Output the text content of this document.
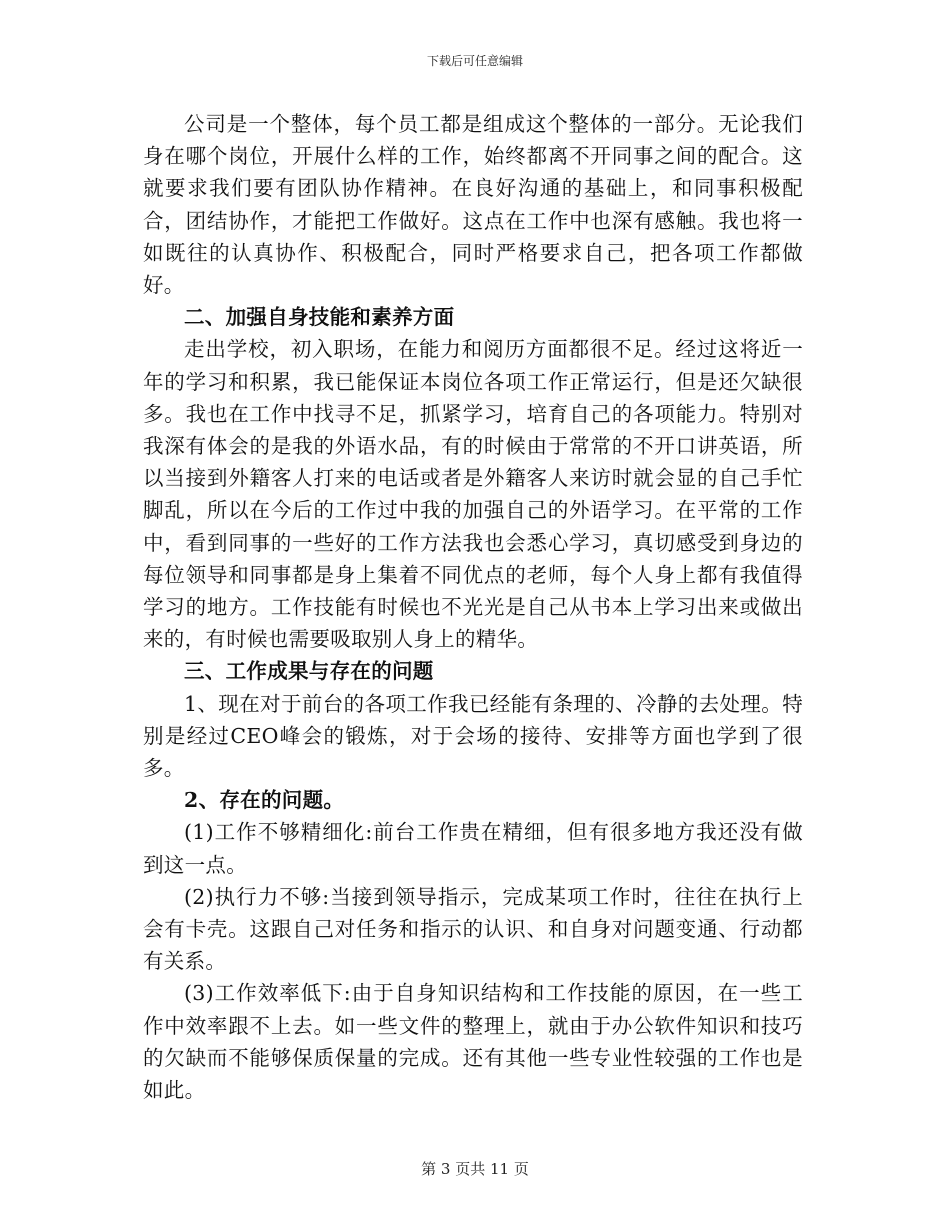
下载后可任意编辑

公司是一个整体，每个员工都是组成这个整体的一部分。无论我们身在哪个岗位，开展什么样的工作，始终都离不开同事之间的配合。这就要求我们要有团队协作精神。在良好沟通的基础上，和同事积极配合，团结协作，才能把工作做好。这点在工作中也深有感触。我也将一如既往的认真协作、积极配合，同时严格要求自己，把各项工作都做好。

二、加强自身技能和素养方面

走出学校，初入职场，在能力和阅历方面都很不足。经过这将近一年的学习和积累，我已能保证本岗位各项工作正常运行，但是还欠缺很多。我也在工作中找寻不足，抓紧学习，培育自己的各项能力。特别对我深有体会的是我的外语水品，有的时候由于常常的不开口讲英语，所以当接到外籍客人打来的电话或者是外籍客人来访时就会显的自己手忙脚乱，所以在今后的工作过中我的加强自己的外语学习。在平常的工作中，看到同事的一些好的工作方法我也会悉心学习，真切感受到身边的每位领导和同事都是身上集着不同优点的老师，每个人身上都有我值得学习的地方。工作技能有时候也不光光是自己从书本上学习出来或做出来的，有时候也需要吸取别人身上的精华。

三、工作成果与存在的问题

1、现在对于前台的各项工作我已经能有条理的、冷静的去处理。特别是经过CEO峰会的锻炼，对于会场的接待、安排等方面也学到了很多。

2、存在的问题。

(1)工作不够精细化:前台工作贵在精细，但有很多地方我还没有做到这一点。

(2)执行力不够:当接到领导指示，完成某项工作时，往往在执行上会有卡壳。这跟自己对任务和指示的认识、和自身对问题变通、行动都有关系。

(3)工作效率低下:由于自身知识结构和工作技能的原因，在一些工作中效率跟不上去。如一些文件的整理上，就由于办公软件知识和技巧的欠缺而不能够保质保量的完成。还有其他一些专业性较强的工作也是如此。

第 3 页共 11 页
